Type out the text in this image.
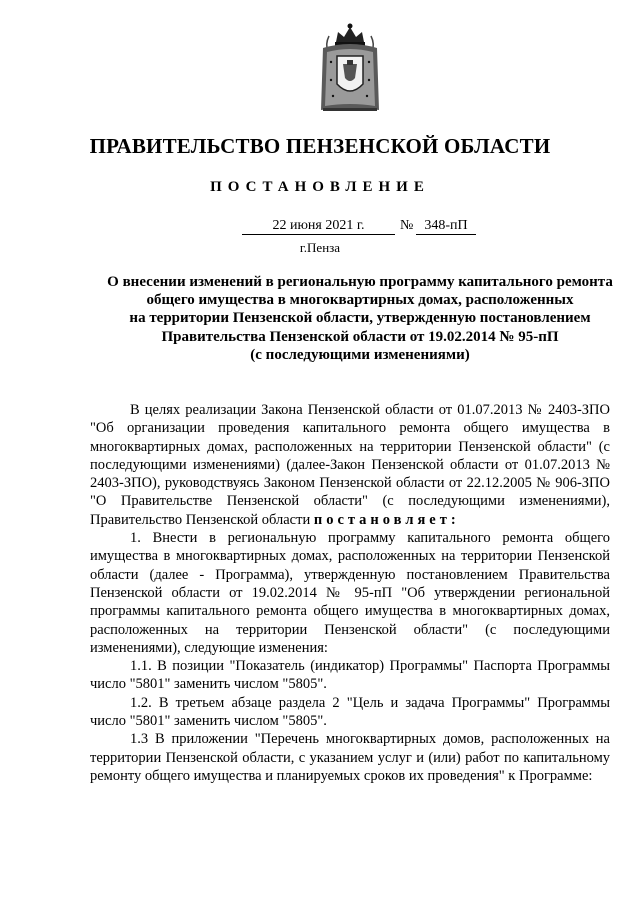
ПРАВИТЕЛЬСТВО ПЕНЗЕНСКОЙ ОБЛАСТИ
ПОСТАНОВЛЕНИЕ
22 июня 2021 г.	№ 348-пП
г.Пенза
О внесении изменений в региональную программу капитального ремонта
общего имущества в многоквартирных домах, расположенных
на территории Пензенской области, утвержденную постановлением
Правительства Пензенской области от 19.02.2014 № 95-пП
(с последующими изменениями)

В целях реализации Закона Пензенской области от 01.07.2013 № 2403-ЗПО "Об организации проведения капитального ремонта общего имущества в многоквартирных домах, расположенных на территории Пензенской области" (с последующими изменениями) (далее-Закон Пензенской области от 01.07.2013 № 2403-ЗПО), руководствуясь Законом Пензенской области от 22.12.2005 № 906-ЗПО "О Правительстве Пензенской области" (с последующими изменениями), Правительство Пензенской области постановляет:

1. Внести в региональную программу капитального ремонта общего имущества в многоквартирных домах, расположенных на территории Пензенской области (далее - Программа), утвержденную постановлением Правительства Пензенской области от 19.02.2014 № 95-пП "Об утверждении региональной программы капитального ремонта общего имущества в многоквартирных домах, расположенных на территории Пензенской области" (с последующими изменениями), следующие изменения:

1.1. В позиции "Показатель (индикатор) Программы" Паспорта Программы число "5801" заменить числом "5805".

1.2. В третьем абзаце раздела 2 "Цель и задача Программы" Программы число "5801" заменить числом "5805".

1.3 В приложении "Перечень многоквартирных домов, расположенных на территории Пензенской области, с указанием услуг и (или) работ по капитальному ремонту общего имущества и планируемых сроков их проведения" к Программе:
